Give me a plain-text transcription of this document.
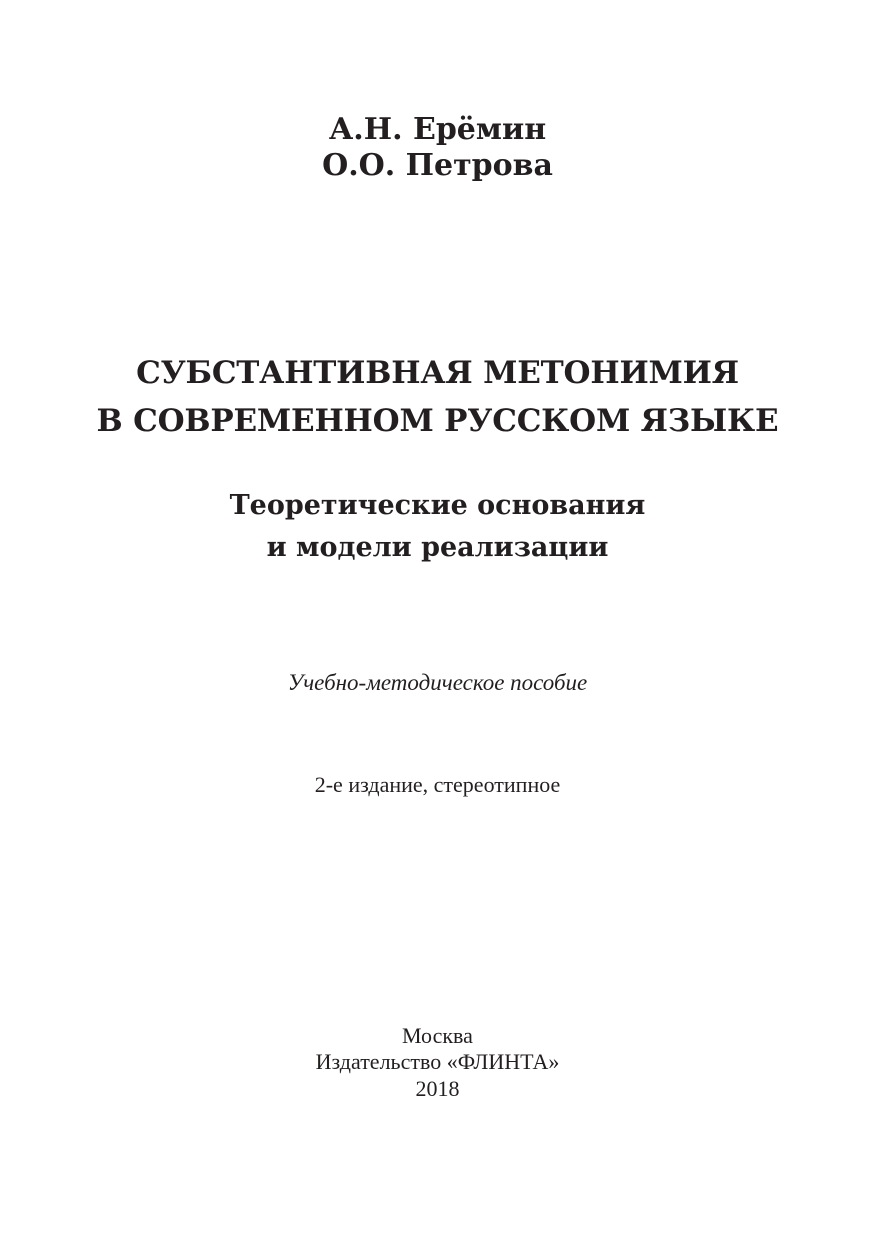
А.Н. Ерёмин

О.О. Петрова

СУБСТАНТИВНАЯ МЕТОНИМИЯ
В СОВРЕМЕННОМ РУССКОМ ЯЗЫКЕ
Теоретические основания
и модели реализации

Учебно-методическое пособие

2-е издание, стереотипное

Москва

Издательство «ФЛИНТА»

2018
